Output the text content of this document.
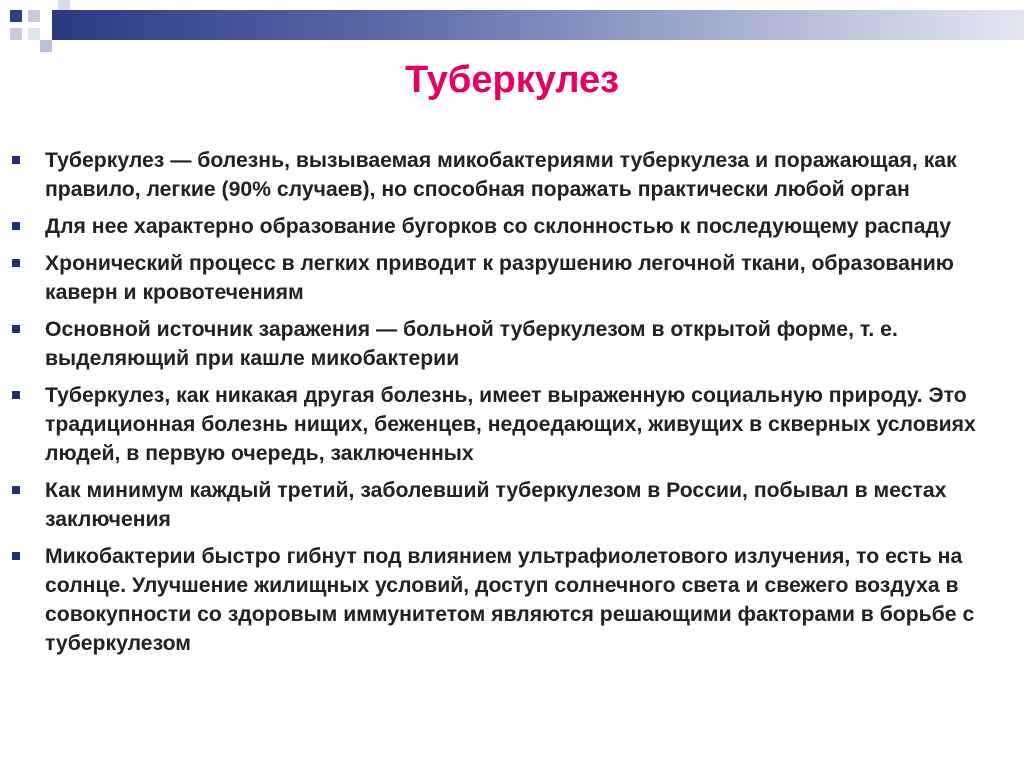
Туберкулез
Туберкулез — болезнь, вызываемая микобактериями туберкулеза и поражающая, как правило, легкие (90% случаев), но способная поражать практически любой орган
Для нее характерно образование бугорков со склонностью к последующему распаду
Хронический процесс в легких приводит к разрушению легочной ткани, образованию каверн и кровотечениям
Основной источник заражения — больной туберкулезом в открытой форме, т. е. выделяющий при кашле микобактерии
Туберкулез, как никакая другая болезнь, имеет выраженную социальную природу. Это традиционная болезнь нищих, беженцев, недоедающих, живущих в скверных условиях людей, в первую очередь, заключенных
Как минимум каждый третий, заболевший туберкулезом в России, побывал в местах заключения
Микобактерии быстро гибнут под влиянием ультрафиолетового излучения, то есть на солнце. Улучшение жилищных условий, доступ солнечного света и свежего воздуха в совокупности со здоровым иммунитетом являются решающими факторами в борьбе с туберкулезом
